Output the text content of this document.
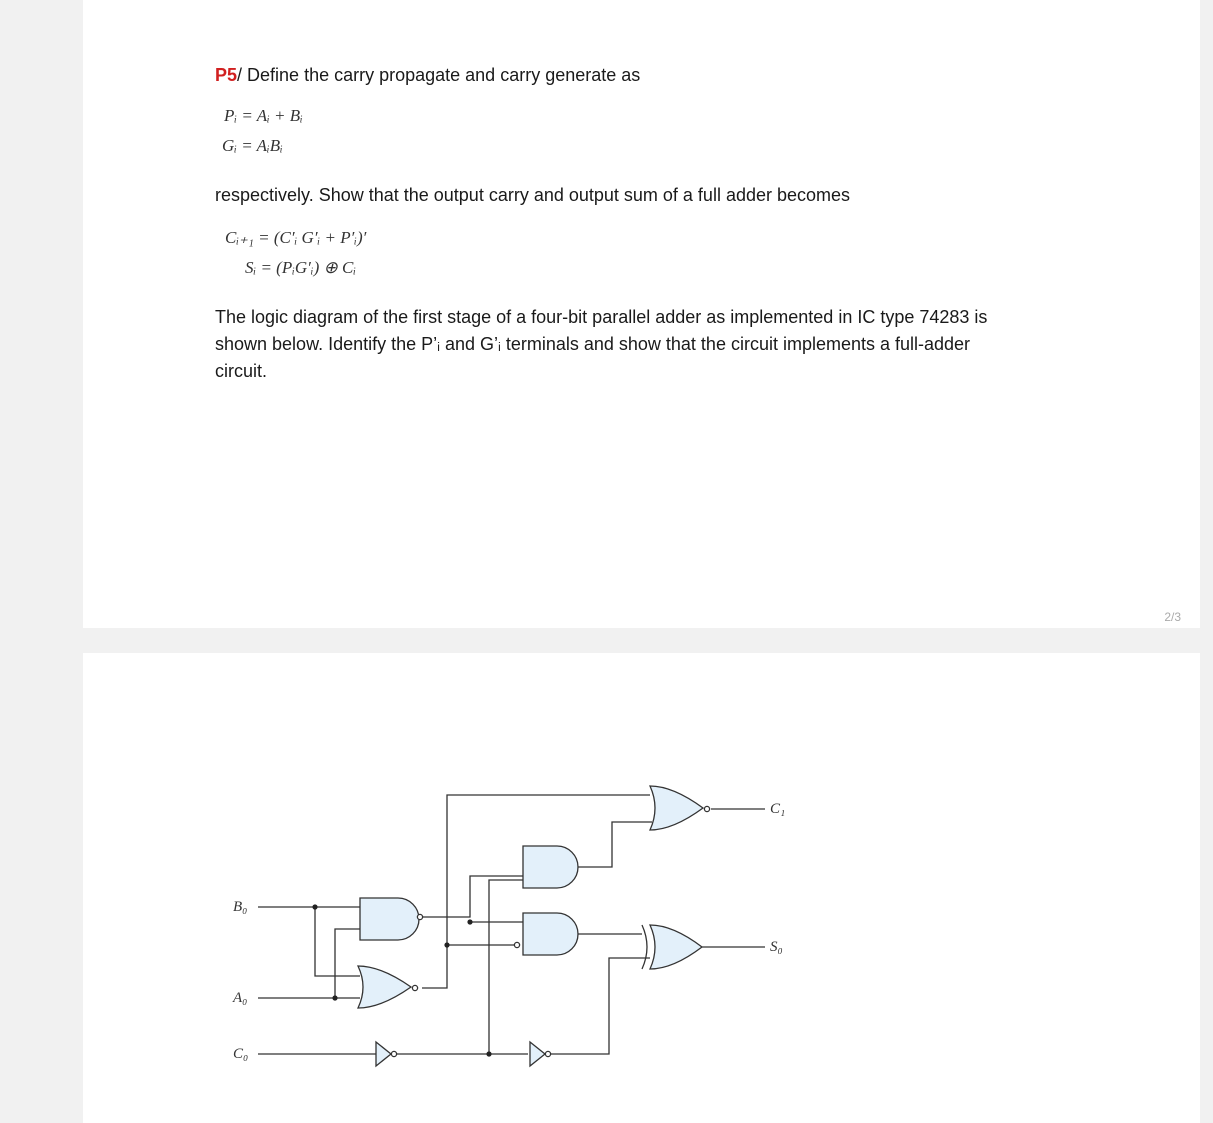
2/3
P5/ Define the carry propagate and carry generate as
Pᵢ = Aᵢ + Bᵢ
Gᵢ = AᵢBᵢ
respectively. Show that the output carry and output sum of a full adder becomes
Cᵢ₊₁ = (C′ᵢ G′ᵢ + P′ᵢ)′
Sᵢ = (PᵢG′ᵢ) ⊕ Cᵢ
The logic diagram of the first stage of a four-bit parallel adder as implemented in IC type 74283 is
shown below. Identify the P’ᵢ and G’ᵢ terminals and show that the circuit implements a full-adder
circuit.
B₀
A₀
C₀
C₁
S₀
